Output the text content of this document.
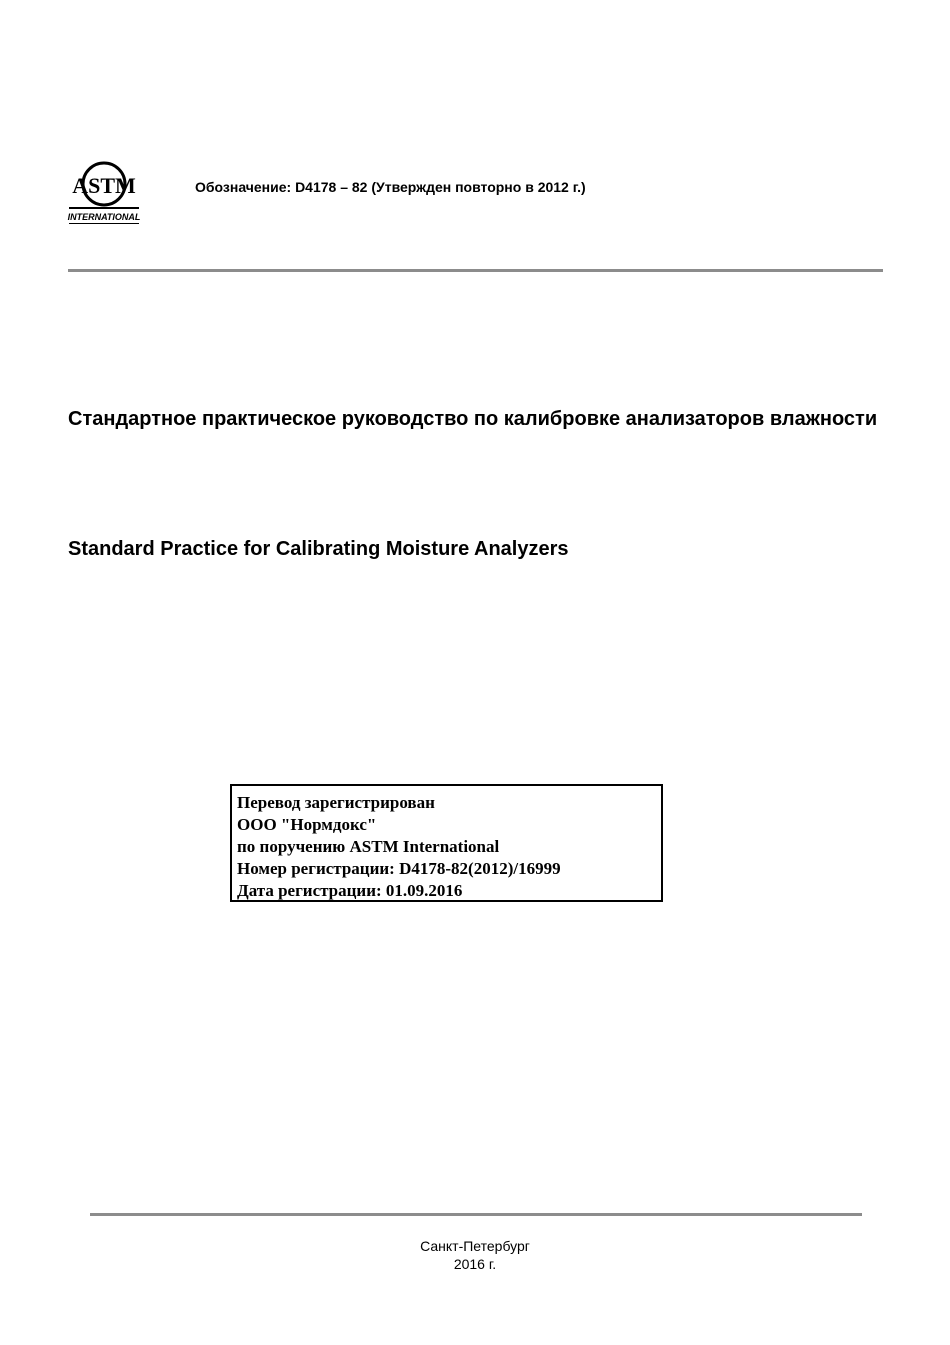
ASTM
INTERNATIONAL
Обозначение: D4178 – 82 (Утвержден повторно в 2012 г.)
Стандартное практическое руководство по калибровке анализаторов влажности
Standard Practice for Calibrating Moisture Analyzers
Перевод зарегистрирован
ООО "Нормдокс"
по поручению ASTM International
Номер регистрации: D4178-82(2012)/16999
Дата регистрации: 01.09.2016
Санкт-Петербург
2016 г.
